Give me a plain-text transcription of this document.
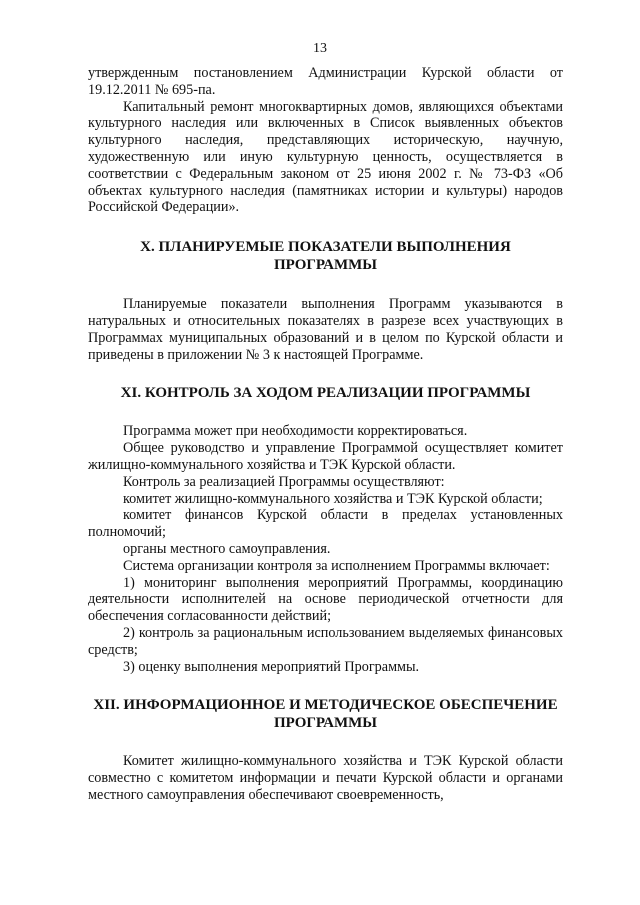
13

утвержденным постановлением Администрации Курской области от 19.12.2011 № 695-па.

Капитальный ремонт многоквартирных домов, являющихся объектами культурного наследия или включенных в Список выявленных объектов культурного наследия, представляющих историческую, научную, художественную или иную культурную ценность, осуществляется в соответствии с Федеральным законом от 25 июня 2002 г. № 73-ФЗ «Об объектах культурного наследия (памятниках истории и культуры) народов Российской Федерации».

X. ПЛАНИРУЕМЫЕ ПОКАЗАТЕЛИ ВЫПОЛНЕНИЯ ПРОГРАММЫ

Планируемые показатели выполнения Программ указываются в натуральных и относительных показателях в разрезе всех участвующих в Программах муниципальных образований и в целом по Курской области и приведены в приложении № 3 к настоящей Программе.

XI. КОНТРОЛЬ ЗА ХОДОМ РЕАЛИЗАЦИИ ПРОГРАММЫ

Программа может при необходимости корректироваться.

Общее руководство и управление Программой осуществляет комитет жилищно-коммунального хозяйства и ТЭК Курской области.

Контроль за реализацией Программы осуществляют:

комитет жилищно-коммунального хозяйства и ТЭК Курской области;

комитет финансов Курской области в пределах установленных полномочий;

органы местного самоуправления.

Система организации контроля за исполнением Программы включает:

1) мониторинг выполнения мероприятий Программы, координацию деятельности исполнителей на основе периодической отчетности для обеспечения согласованности действий;

2) контроль за рациональным использованием выделяемых финансовых средств;

3) оценку выполнения мероприятий Программы.

XII. ИНФОРМАЦИОННОЕ И МЕТОДИЧЕСКОЕ ОБЕСПЕЧЕНИЕ ПРОГРАММЫ

Комитет жилищно-коммунального хозяйства и ТЭК Курской области совместно с комитетом информации и печати Курской области и органами местного самоуправления обеспечивают своевременность,
